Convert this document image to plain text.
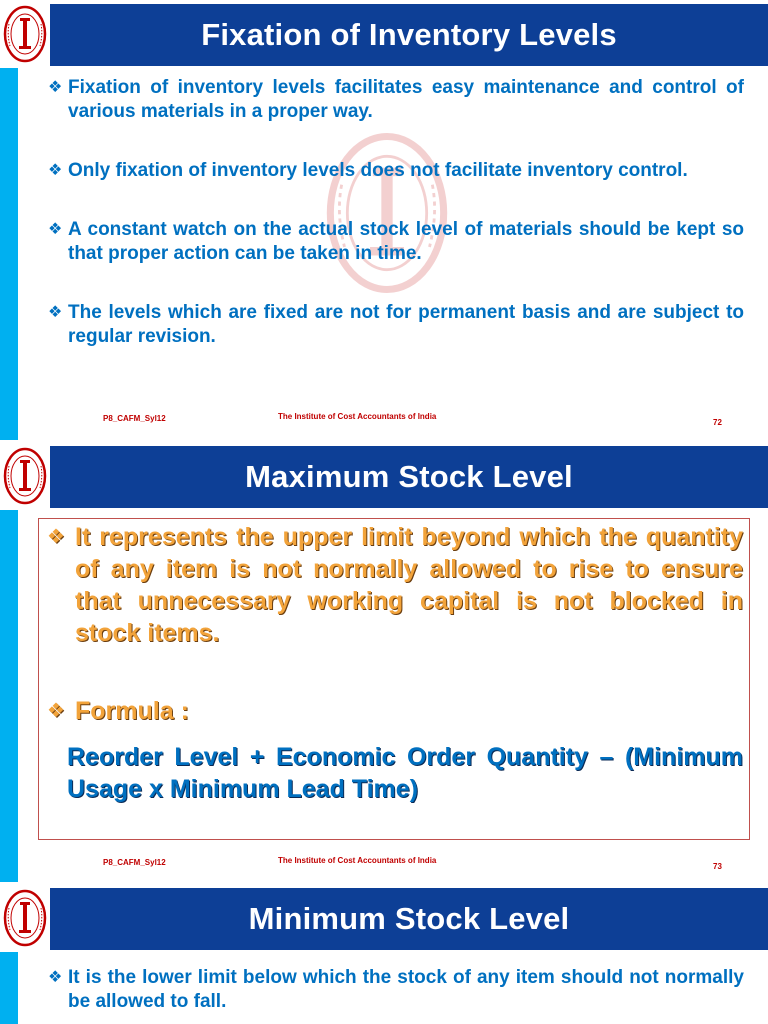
Fixation of Inventory Levels
❖ Fixation of inventory levels facilitates easy maintenance and control of various materials in a proper way.
❖ Only fixation of inventory levels does not facilitate inventory control.
❖ A constant watch on the actual stock level of materials should be kept so that proper action can be taken in time.
❖ The levels which are fixed are not for permanent basis and are subject to regular revision.
P8_CAFM_Syl12	The Institute of Cost Accountants of India
72
Maximum Stock Level
❖ It represents the upper limit beyond which the quantity of any item is not normally allowed to rise to ensure that unnecessary working capital is not blocked in stock items.
❖ Formula :
Reorder Level + Economic Order Quantity – (Minimum Usage x Minimum Lead Time)
P8_CAFM_Syl12	The Institute of Cost Accountants of India
73
Minimum Stock Level
❖ It is the lower limit below which the stock of any item should not normally be allowed to fall.
